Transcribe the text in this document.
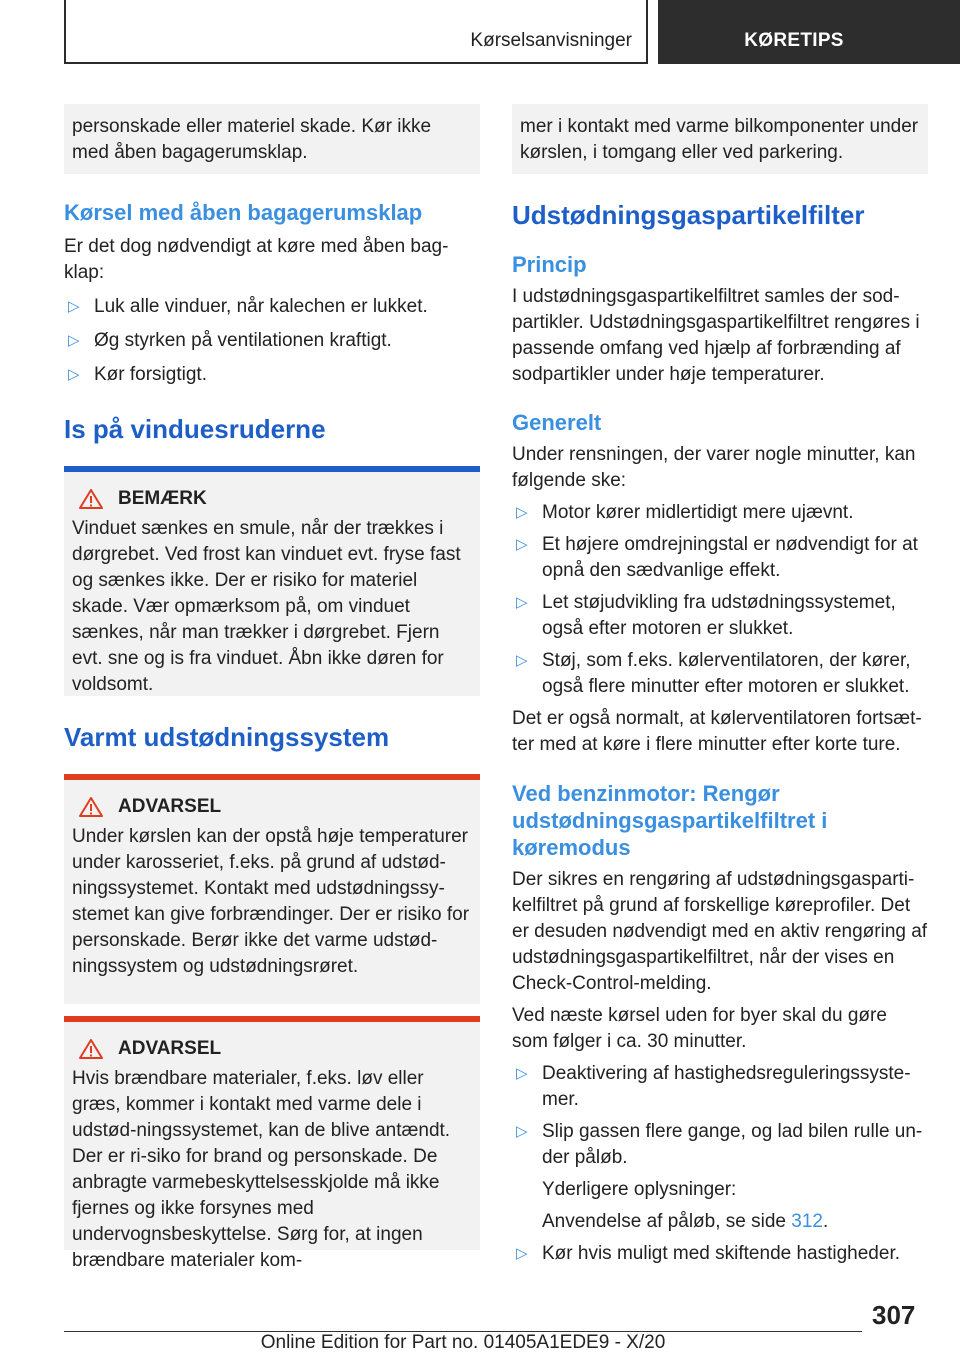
Kørselsanvisninger	KØRETIPS
personskade eller materiel skade. Kør ikke med åben bagagerumsklap.
Kørsel med åben bagagerumsklap

Er det dog nødvendigt at køre med åben bag‐klap:

▷ Luk alle vinduer, når kalechen er lukket.
▷ Øg styrken på ventilationen kraftigt.
▷ Kør forsigtigt.
Is på vinduesruderne
BEMÆRK
Vinduet sænkes en smule, når der trækkes i dørgrebet. Ved frost kan vinduet evt. fryse fast og sænkes ikke. Der er risiko for materiel skade. Vær opmærksom på, om vinduet sænkes, når man trækker i dørgrebet. Fjern evt. sne og is fra vinduet. Åbn ikke døren for voldsomt.
Varmt udstødningssystem
ADVARSEL
Under kørslen kan der opstå høje temperaturer under karosseriet, f.eks. på grund af udstød‐ningssystemet. Kontakt med udstødningssy‐stemet kan give forbrændinger. Der er risiko for personskade. Berør ikke det varme udstød‐ningssystem og udstødningsrøret.
ADVARSEL
Hvis brændbare materialer, f.eks. løv eller græs, kommer i kontakt med varme dele i udstød‐ningssystemet, kan de blive antændt. Der er ri‐siko for brand og personskade. De anbragte varmebeskyttelsesskjolde må ikke fjernes og ikke forsynes med undervognsbeskyttelse. Sørg for, at ingen brændbare materialer kom‐
mer i kontakt med varme bilkomponenter under kørslen, i tomgang eller ved parkering.
Udstødningsgaspartikelfilter
Princip

I udstødningsgaspartikelfiltret samles der sod‐partikler. Udstødningsgaspartikelfiltret rengøres i passende omfang ved hjælp af forbrænding af sodpartikler under høje temperaturer.

Generelt

Under rensningen, der varer nogle minutter, kan følgende ske:

▷ Motor kører midlertidigt mere ujævnt.
▷ Et højere omdrejningstal er nødvendigt for at opnå den sædvanlige effekt.
▷ Let støjudvikling fra udstødningssystemet, også efter motoren er slukket.
▷ Støj, som f.eks. kølerventilatoren, der kører, også flere minutter efter motoren er slukket.

Det er også normalt, at kølerventilatoren fortsæt‐ter med at køre i flere minutter efter korte ture.

Ved benzinmotor: Rengør udstødningsgaspartikelfiltret i køremodus

Der sikres en rengøring af udstødningsgasparti‐kelfiltret på grund af forskellige køreprofiler. Det er desuden nødvendigt med en aktiv rengøring af udstødningsgaspartikelfiltret, når der vises en Check-Control-melding.

Ved næste kørsel uden for byer skal du gøre som følger i ca. 30 minutter.

▷ Deaktivering af hastighedsreguleringssyste‐mer.
▷ Slip gassen flere gange, og lad bilen rulle un‐der påløb.
Yderligere oplysninger:
Anvendelse af påløb, se side 312.
▷ Kør hvis muligt med skiftende hastigheder.
307
Online Edition for Part no. 01405A1EDE9 - X/20
